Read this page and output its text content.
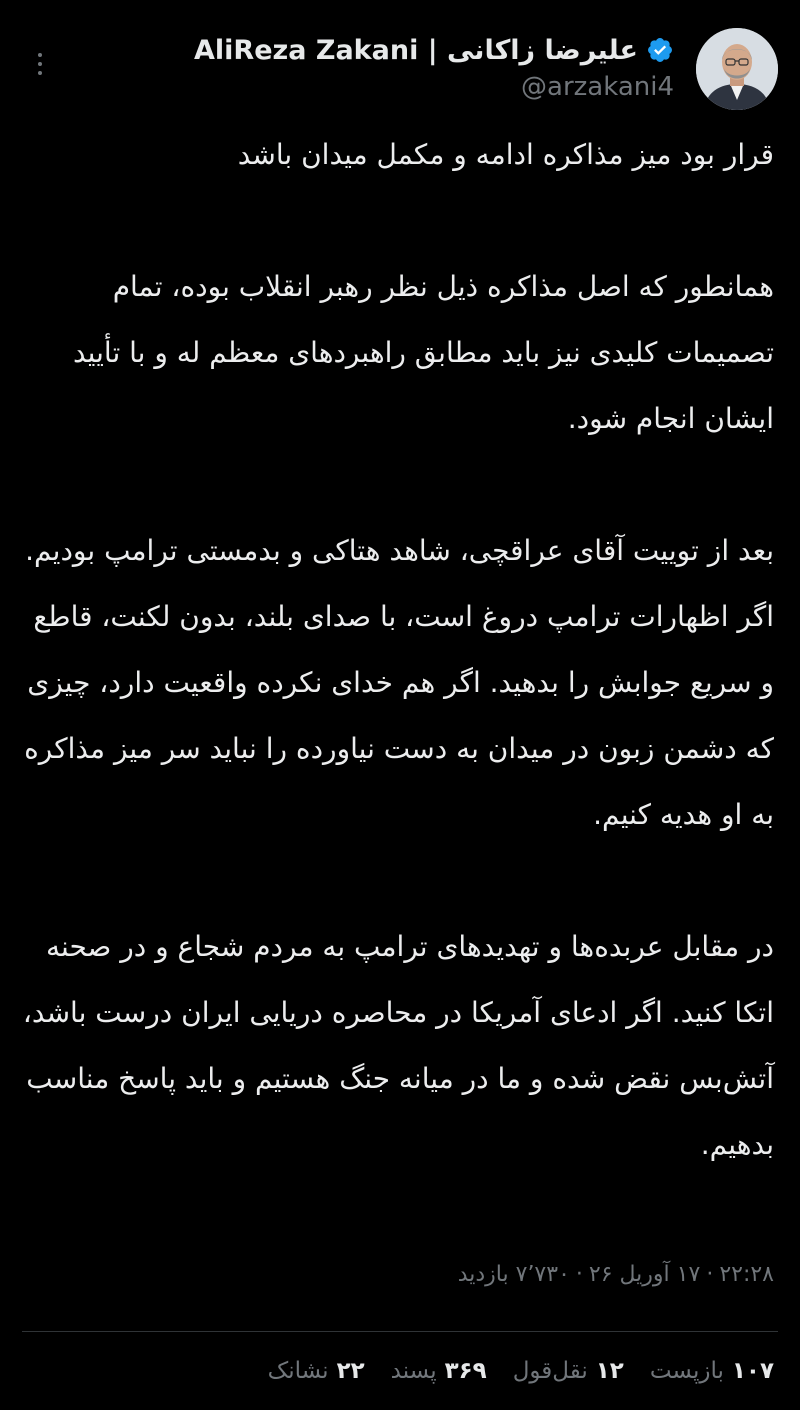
علیرضا زاکانی | AliReza Zakani
@arzakani4

قرار بود میز مذاکره ادامه و مکمل میدان باشد

همانطور که اصل مذاکره ذیل نظر رهبر انقلاب بوده، تمام تصمیمات کلیدی نیز باید مطابق راهبردهای معظم له و با تأیید ایشان انجام شود.

بعد از توییت آقای عراقچی، شاهد هتاکی و بدمستی ترامپ بودیم. اگر اظهارات ترامپ دروغ است، با صدای بلند، بدون لکنت، قاطع و سریع جوابش را بدهید. اگر هم خدای نکرده واقعیت دارد، چیزی که دشمن زبون در میدان به دست نیاورده را نباید سر میز مذاکره به او هدیه کنیم.

در مقابل عربده‌ها و تهدیدهای ترامپ به مردم شجاع و در صحنه اتکا کنید. اگر ادعای آمریکا در محاصره دریایی ایران درست باشد، آتش‌بس نقض شده و ما در میانه جنگ هستیم و باید پاسخ مناسب بدهیم.

۲۲:۲۸·۱۷ آوریل ۲۶·۷٬۷۳۰ بازدید
۱۰۷
بازپست
۱۲
نقل‌قول
۳۶۹
پسند
۲۲
نشانک
